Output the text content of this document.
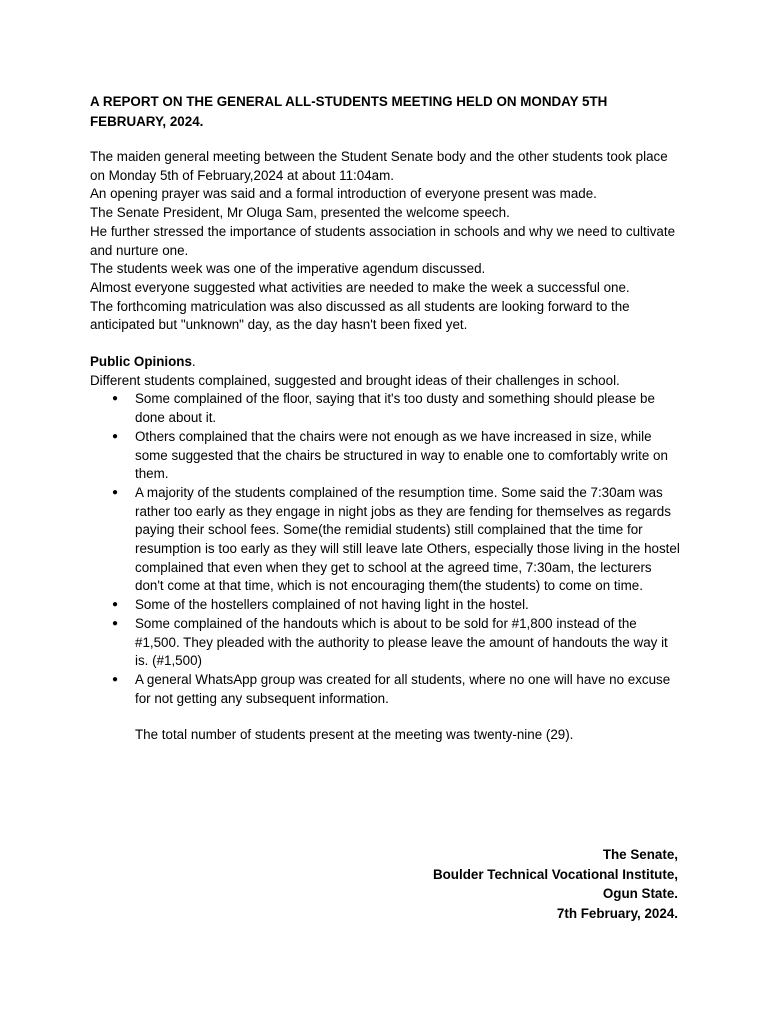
A REPORT ON THE GENERAL ALL-STUDENTS MEETING HELD ON MONDAY 5TH FEBRUARY, 2024.

The maiden general meeting between the Student Senate body and the other students took place on Monday 5th of February,2024 at about 11:04am.

An opening prayer was said and a formal introduction of everyone present was made.

The Senate President, Mr Oluga Sam, presented the welcome speech.

He further stressed the importance of students association in schools and why we need to cultivate and nurture one.

The students week was one of the imperative agendum discussed.

Almost everyone suggested what activities are needed to make the week a successful one.

The forthcoming matriculation was also discussed as all students are looking forward to the anticipated but "unknown" day, as the day hasn't been fixed yet.

Public Opinions.

Different students complained, suggested and brought ideas of their challenges in school.

● Some complained of the floor, saying that it's too dusty and something should please be done about it.
● Others complained that the chairs were not enough as we have increased in size, while some suggested that the chairs be structured in way to enable one to comfortably write on them.
● A majority of the students complained of the resumption time. Some said the 7:30am was rather too early as they engage in night jobs as they are fending for themselves as regards paying their school fees. Some(the remidial students) still complained that the time for resumption is too early as they will still leave late Others, especially those living in the hostel complained that even when they get to school at the agreed time, 7:30am, the lecturers don't come at that time, which is not encouraging them(the students) to come on time.
● Some of the hostellers complained of not having light in the hostel.
● Some complained of the handouts which is about to be sold for #1,800 instead of the #1,500. They pleaded with the authority to please leave the amount of handouts the way it is. (#1,500)
● A general WhatsApp group was created for all students, where no one will have no excuse for not getting any subsequent information.

The total number of students present at the meeting was twenty-nine (29).

The Senate,
Boulder Technical Vocational Institute,
Ogun State.
7th February, 2024.
